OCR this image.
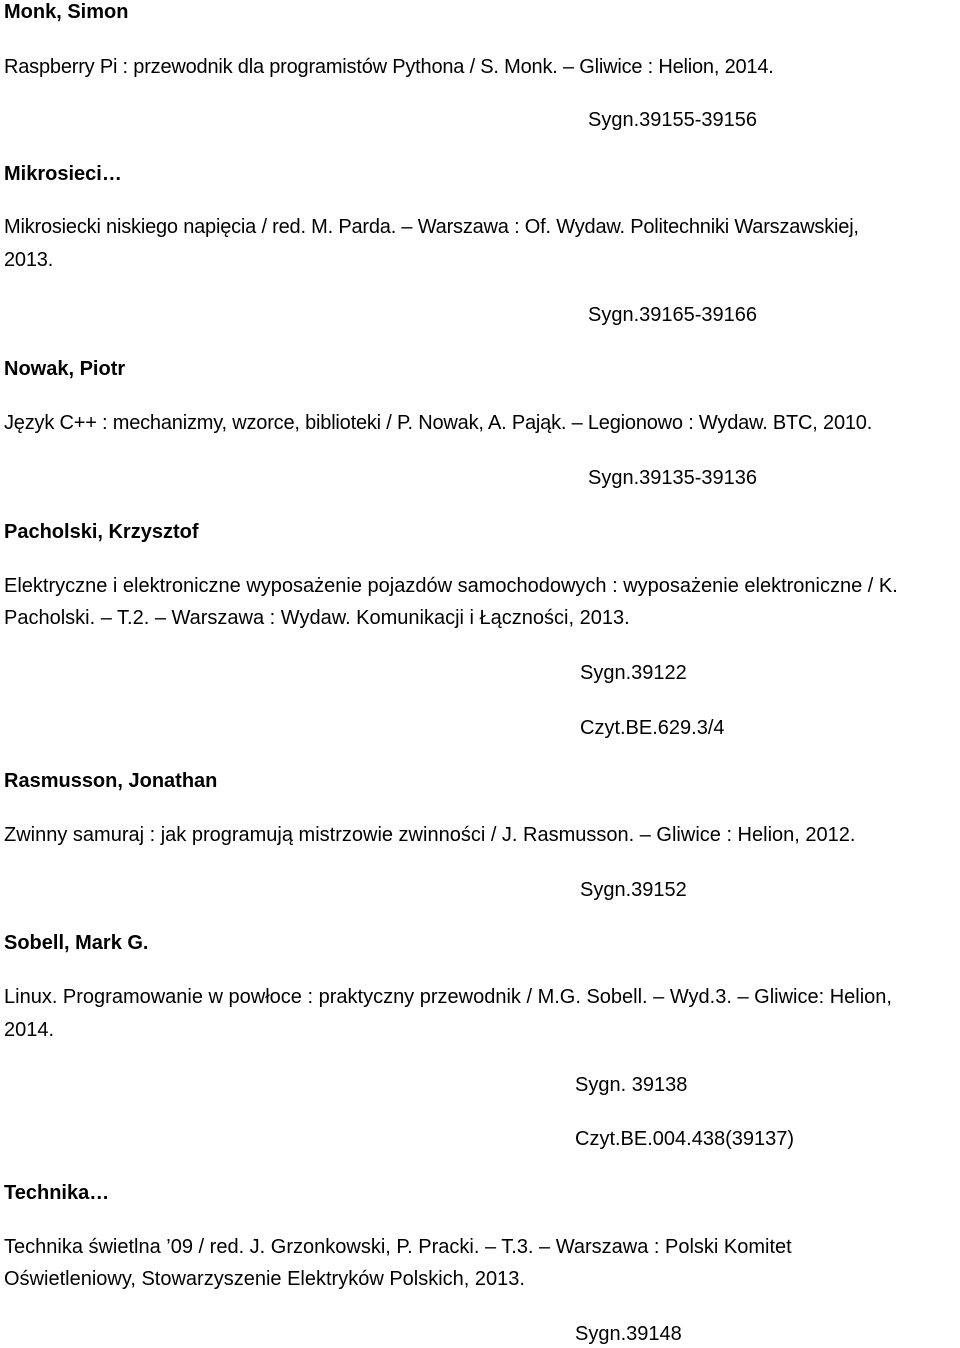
Monk, Simon
Raspberry Pi : przewodnik dla programistów Pythona / S. Monk. – Gliwice : Helion, 2014.
Sygn.39155-39156
Mikrosieci…
Mikrosiecki niskiego napięcia / red. M. Parda. – Warszawa : Of. Wydaw. Politechniki Warszawskiej,
2013.
Sygn.39165-39166
Nowak, Piotr
Język C++ : mechanizmy, wzorce, biblioteki / P. Nowak, A. Pająk. – Legionowo : Wydaw. BTC, 2010.
Sygn.39135-39136
Pacholski, Krzysztof
Elektryczne i elektroniczne wyposażenie pojazdów samochodowych : wyposażenie elektroniczne / K.
Pacholski. – T.2. – Warszawa : Wydaw. Komunikacji i Łączności, 2013.
Sygn.39122
Czyt.BE.629.3/4
Rasmusson, Jonathan
Zwinny samuraj : jak programują mistrzowie zwinności / J. Rasmusson. – Gliwice : Helion, 2012.
Sygn.39152
Sobell, Mark G.
Linux. Programowanie w powłoce : praktyczny przewodnik / M.G. Sobell. – Wyd.3. – Gliwice: Helion,
2014.
Sygn. 39138
Czyt.BE.004.438(39137)
Technika…
Technika świetlna ’09 / red. J. Grzonkowski, P. Pracki. – T.3. – Warszawa : Polski Komitet
Oświetleniowy, Stowarzyszenie Elektryków Polskich, 2013.
Sygn.39148
